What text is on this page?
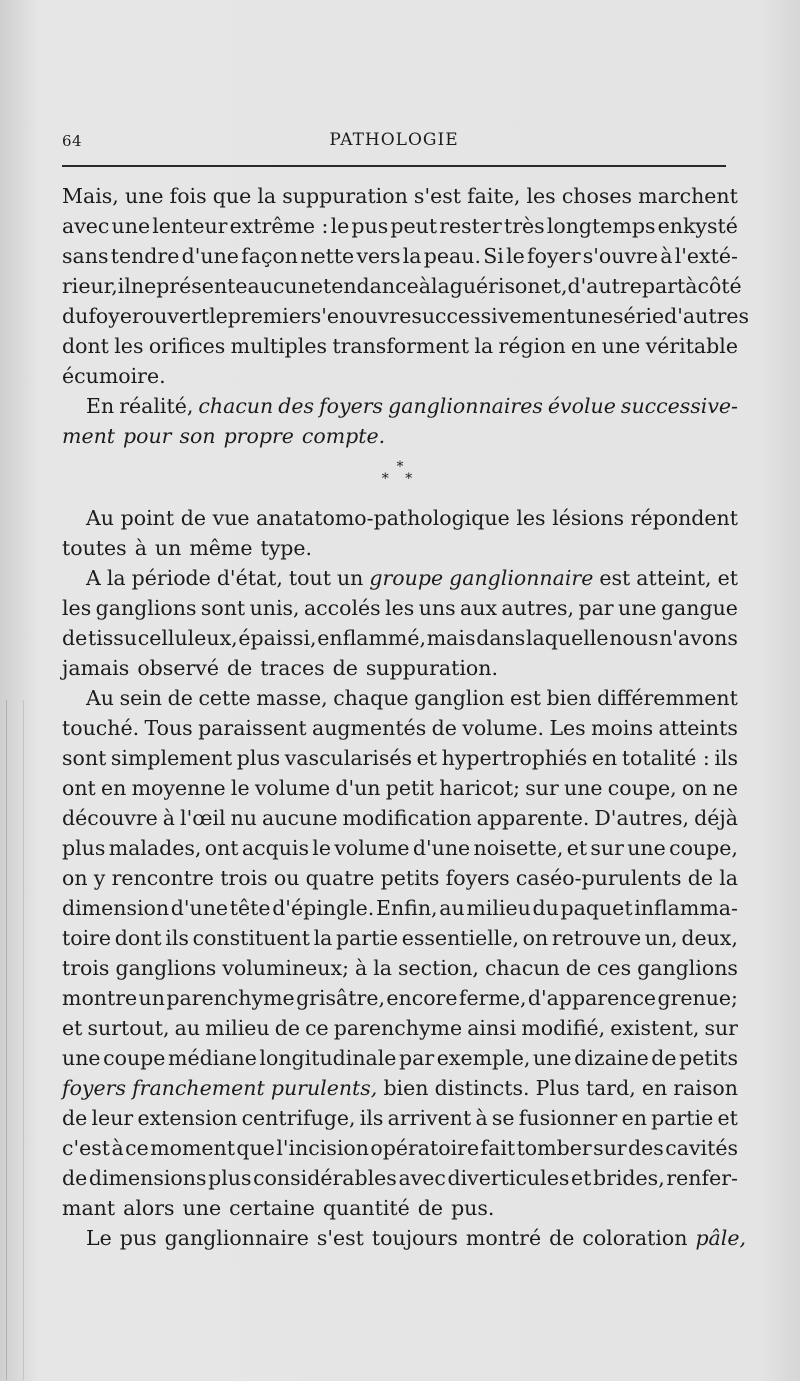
64	PATHOLOGIE
Mais, une fois que la suppuration s'est faite, les choses marchent
avec une lenteur extrême : le pus peut rester très longtemps enkysté
sans tendre d'une façon nette vers la peau. Si le foyer s'ouvre à l'exté-
rieur, il ne présente aucune tendance à la guérison et, d'autre part à côté
du foyer ouvert le premier s'en ouvre successivement une série d'autres
dont les orifices multiples transforment la région en une véritable
écumoire.
En réalité, chacun des foyers ganglionnaires évolue successive-
ment pour son propre compte.
*
* *
Au point de vue anatatomo-pathologique les lésions répondent
toutes à un même type.
A la période d'état, tout un groupe ganglionnaire est atteint, et
les ganglions sont unis, accolés les uns aux autres, par une gangue
de tissu celluleux, épaissi, enflammé, mais dans laquelle nous n'avons
jamais observé de traces de suppuration.
Au sein de cette masse, chaque ganglion est bien différemment
touché. Tous paraissent augmentés de volume. Les moins atteints
sont simplement plus vascularisés et hypertrophiés en totalité : ils
ont en moyenne le volume d'un petit haricot; sur une coupe, on ne
découvre à l'œil nu aucune modification apparente. D'autres, déjà
plus malades, ont acquis le volume d'une noisette, et sur une coupe,
on y rencontre trois ou quatre petits foyers caséo-purulents de la
dimension d'une tête d'épingle. Enfin, au milieu du paquet inflamma-
toire dont ils constituent la partie essentielle, on retrouve un, deux,
trois ganglions volumineux; à la section, chacun de ces ganglions
montre un parenchyme grisâtre, encore ferme, d'apparence grenue;
et surtout, au milieu de ce parenchyme ainsi modifié, existent, sur
une coupe médiane longitudinale par exemple, une dizaine de petits
foyers franchement purulents, bien distincts. Plus tard, en raison
de leur extension centrifuge, ils arrivent à se fusionner en partie et
c'est à ce moment que l'incision opératoire fait tomber sur des cavités
de dimensions plus considérables avec diverticules et brides, renfer-
mant alors une certaine quantité de pus.
Le pus ganglionnaire s'est toujours montré de coloration pâle,
